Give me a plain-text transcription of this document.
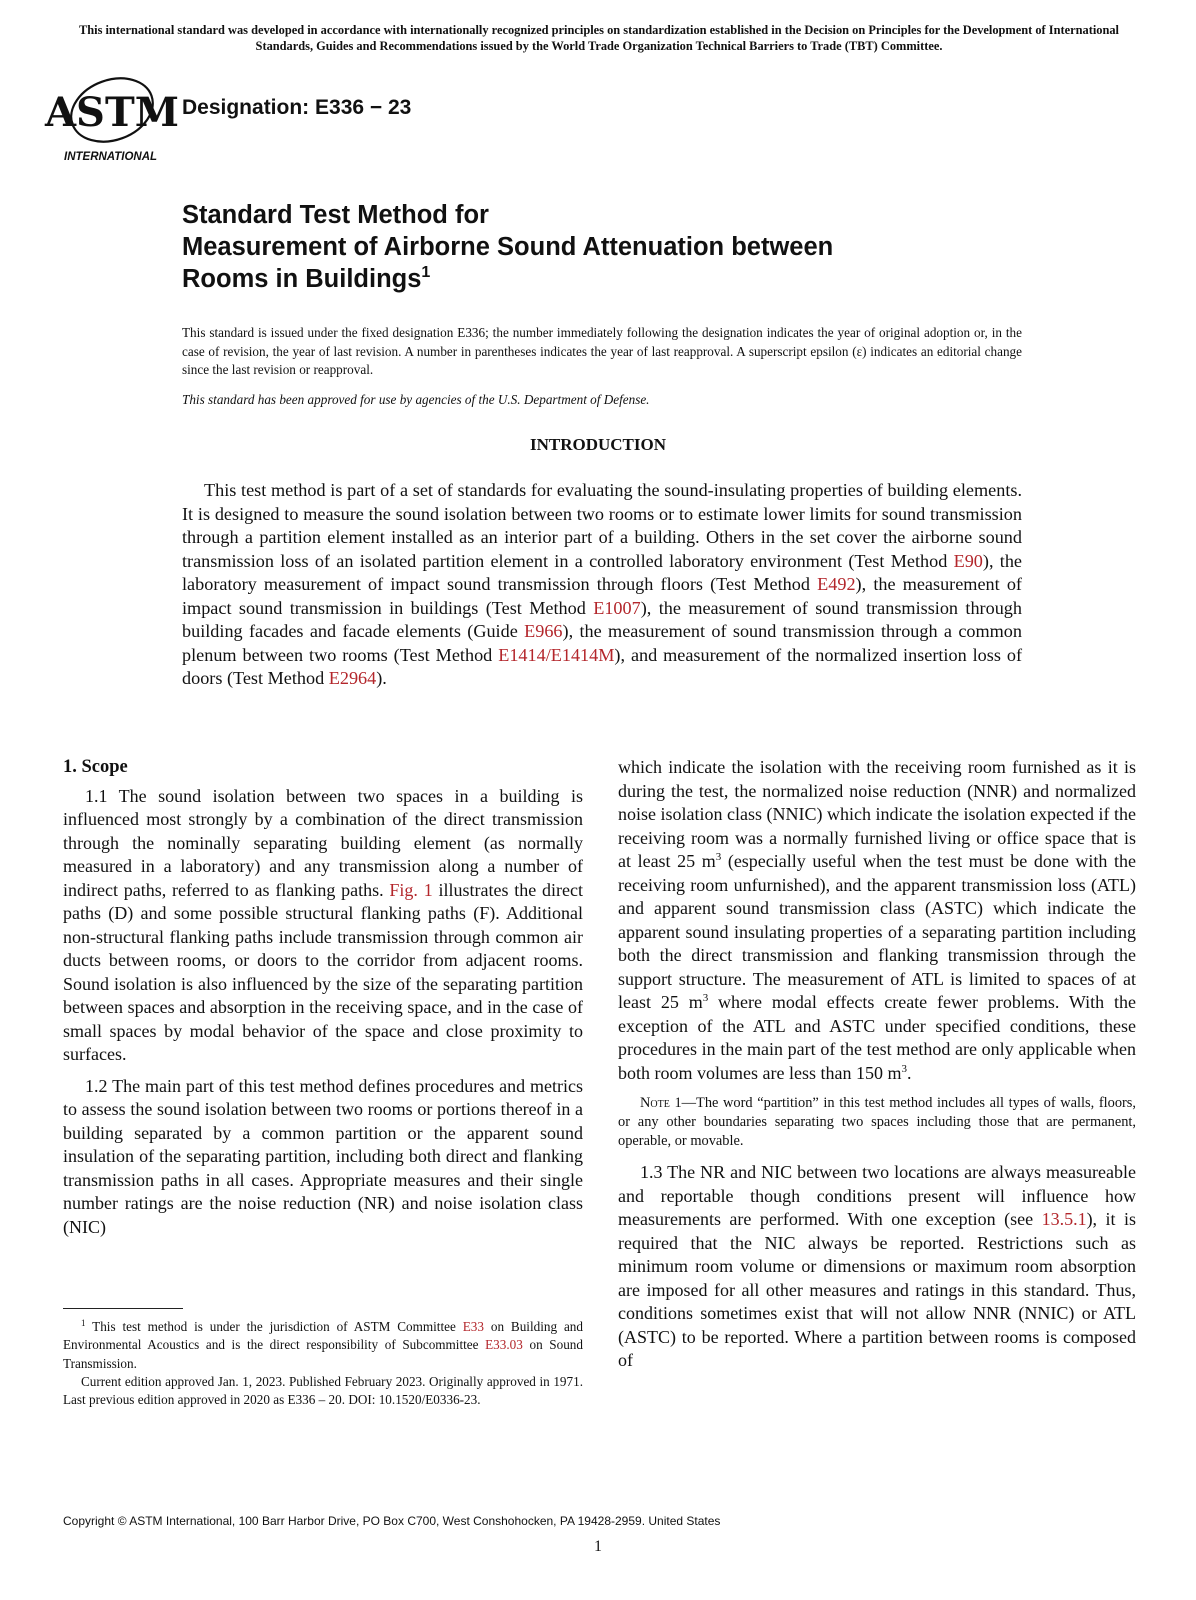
This international standard was developed in accordance with internationally recognized principles on standardization established in the Decision on Principles for the Development of International Standards, Guides and Recommendations issued by the World Trade Organization Technical Barriers to Trade (TBT) Committee.
ASTM
INTERNATIONAL
Designation: E336 − 23
Standard Test Method for
Measurement of Airborne Sound Attenuation between
Rooms in Buildings$^1$
This standard is issued under the fixed designation E336; the number immediately following the designation indicates the year of original adoption or, in the case of revision, the year of last revision. A number in parentheses indicates the year of last reapproval. A superscript epsilon (ε) indicates an editorial change since the last revision or reapproval.
This standard has been approved for use by agencies of the U.S. Department of Defense.
INTRODUCTION
This test method is part of a set of standards for evaluating the sound-insulating properties of building elements. It is designed to measure the sound isolation between two rooms or to estimate lower limits for sound transmission through a partition element installed as an interior part of a building. Others in the set cover the airborne sound transmission loss of an isolated partition element in a controlled laboratory environment (Test Method E90), the laboratory measurement of impact sound transmission through floors (Test Method E492), the measurement of impact sound transmission in buildings (Test Method E1007), the measurement of sound transmission through building facades and facade elements (Guide E966), the measurement of sound transmission through a common plenum between two rooms (Test Method E1414/E1414M), and measurement of the normalized insertion loss of doors (Test Method E2964).

1. Scope

1.1 The sound isolation between two spaces in a building is influenced most strongly by a combination of the direct transmission through the nominally separating building element (as normally measured in a laboratory) and any transmission along a number of indirect paths, referred to as flanking paths. Fig. 1 illustrates the direct paths (D) and some possible structural flanking paths (F). Additional non-structural flanking paths include transmission through common air ducts between rooms, or doors to the corridor from adjacent rooms. Sound isolation is also influenced by the size of the separating partition between spaces and absorption in the receiving space, and in the case of small spaces by modal behavior of the space and close proximity to surfaces.

1.2 The main part of this test method defines procedures and metrics to assess the sound isolation between two rooms or portions thereof in a building separated by a common partition or the apparent sound insulation of the separating partition, including both direct and flanking transmission paths in all cases. Appropriate measures and their single number ratings are the noise reduction (NR) and noise isolation class (NIC)

which indicate the isolation with the receiving room furnished as it is during the test, the normalized noise reduction (NNR) and normalized noise isolation class (NNIC) which indicate the isolation expected if the receiving room was a normally furnished living or office space that is at least 25 $m^3$ (especially useful when the test must be done with the receiving room unfurnished), and the apparent transmission loss (ATL) and apparent sound transmission class (ASTC) which indicate the apparent sound insulating properties of a separating partition including both the direct transmission and flanking transmission through the support structure. The measurement of ATL is limited to spaces of at least 25 $m^3$ where modal effects create fewer problems. With the exception of the ATL and ASTC under specified conditions, these procedures in the main part of the test method are only applicable when both room volumes are less than 150 $m^3$.

Note 1—The word “partition” in this test method includes all types of walls, floors, or any other boundaries separating two spaces including those that are permanent, operable, or movable.

1.3 The NR and NIC between two locations are always measureable and reportable though conditions present will influence how measurements are performed. With one exception (see 13.5.1), it is required that the NIC always be reported. Restrictions such as minimum room volume or dimensions or maximum room absorption are imposed for all other measures and ratings in this standard. Thus, conditions sometimes exist that will not allow NNR (NNIC) or ATL (ASTC) to be reported. Where a partition between rooms is composed of

$^1$ This test method is under the jurisdiction of ASTM Committee E33 on Building and Environmental Acoustics and is the direct responsibility of Subcommittee E33.03 on Sound Transmission.

Current edition approved Jan. 1, 2023. Published February 2023. Originally approved in 1971. Last previous edition approved in 2020 as E336 – 20. DOI: 10.1520/E0336-23.

Copyright © ASTM International, 100 Barr Harbor Drive, PO Box C700, West Conshohocken, PA 19428-2959. United States
1
